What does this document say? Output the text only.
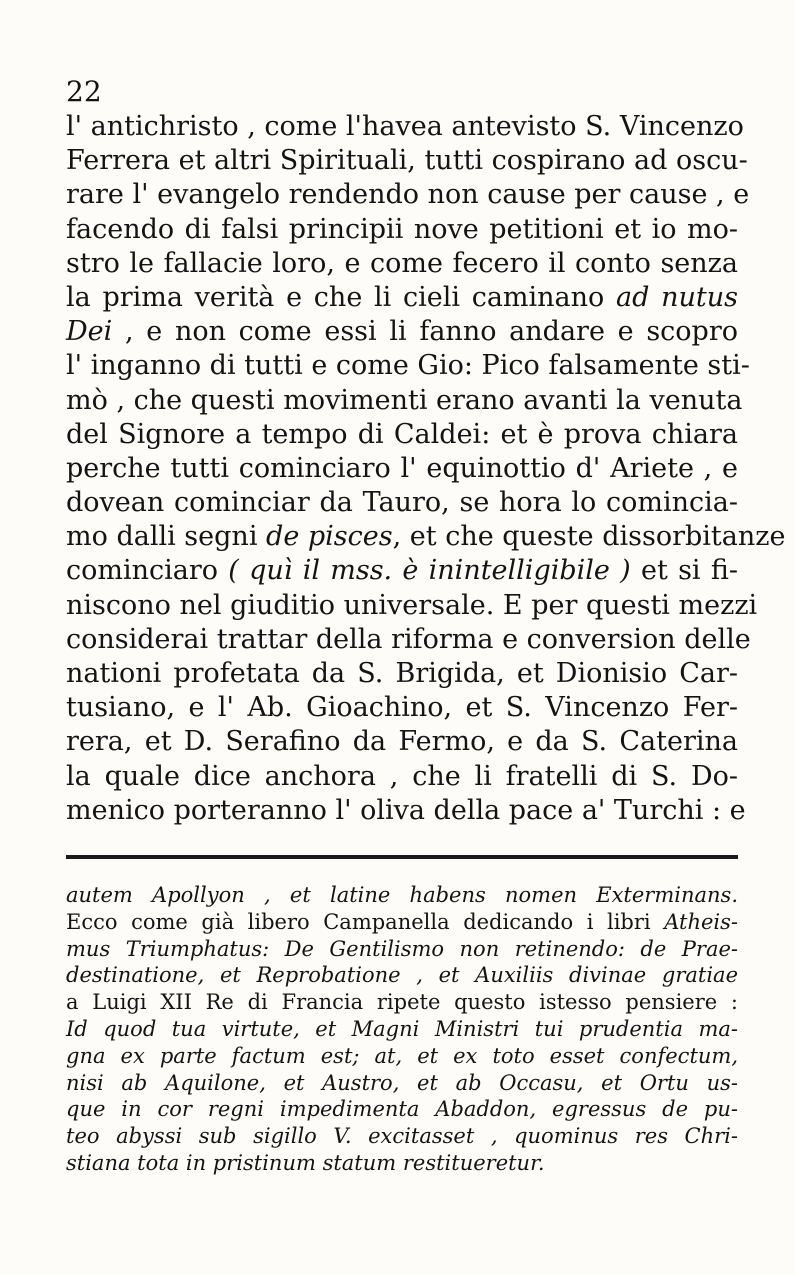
22
l' antichristo , come l'havea antevisto S. Vincenzo
Ferrera et altri Spirituali, tutti cospirano ad oscu-
rare l' evangelo rendendo non cause per cause , e
facendo di falsi principii nove petitioni et io mo-
stro le fallacie loro, e come fecero il conto senza
la prima verità e che li cieli caminano ad nutus
Dei , e non come essi li fanno andare e scopro
l' inganno di tutti e come Gio: Pico falsamente sti-
mò , che questi movimenti erano avanti la venuta
del Signore a tempo di Caldei: et è prova chiara
perche tutti cominciaro l' equinottio d' Ariete , e
dovean cominciar da Tauro, se hora lo comincia-
mo dalli segni de pisces, et che queste dissorbitanze
cominciaro ( quì il mss. è inintelligibile ) et si fi-
niscono nel giuditio universale. E per questi mezzi
considerai trattar della riforma e conversion delle
nationi profetata da S. Brigida, et Dionisio Car-
tusiano, e l' Ab. Gioachino, et S. Vincenzo Fer-
rera, et D. Serafino da Fermo, e da S. Caterina
la quale dice anchora , che li fratelli di S. Do-
menico porteranno l' oliva della pace a' Turchi : e
autem Apollyon , et latine habens nomen Exterminans.
Ecco come già libero Campanella dedicando i libri Atheis-
mus Triumphatus: De Gentilismo non retinendo: de Prae-
destinatione, et Reprobatione , et Auxiliis divinae gratiae
a Luigi XII Re di Francia ripete questo istesso pensiere :
Id quod tua virtute, et Magni Ministri tui prudentia ma-
gna ex parte factum est; at, et ex toto esset confectum,
nisi ab Aquilone, et Austro, et ab Occasu, et Ortu us-
que in cor regni impedimenta Abaddon, egressus de pu-
teo abyssi sub sigillo V. excitasset , quominus res Chri-
stiana tota in pristinum statum restitueretur.
